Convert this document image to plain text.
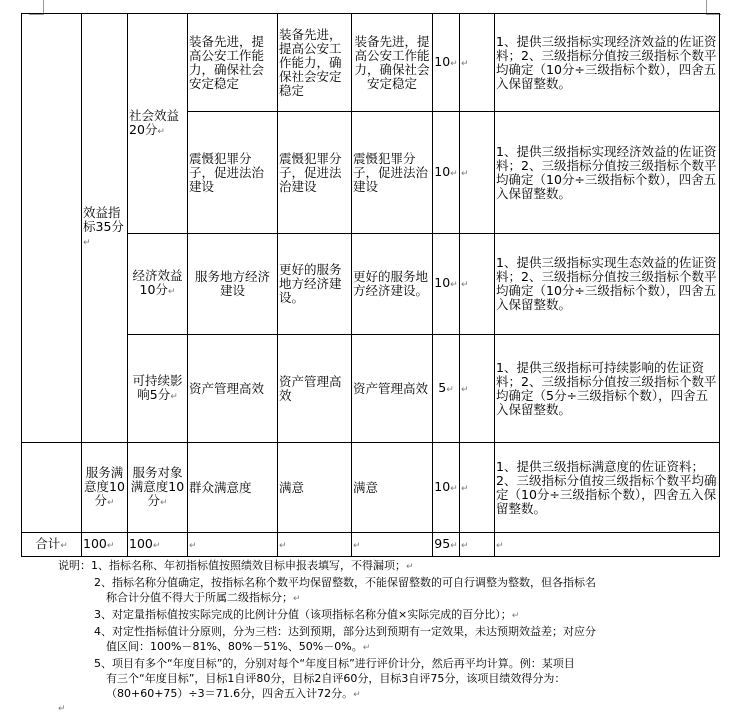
	效益指标35分↵	社会效益20分↵	装备先进，提高公安工作能力，确保社会安定稳定	装备先进，提高公安工作能力，确保社会安定稳定	装备先进，提高公安工作能力，确保社会安定稳定	10↵	↵	1、提供三级指标实现经济效益的佐证资料；2、三级指标分值按三级指标个数平均确定（10分÷三级指标个数），四舍五入保留整数。
			震慑犯罪分子，促进法治建设	震慑犯罪分子，促进法治建设	震慑犯罪分子，促进法治建设	10↵	↵	1、提供三级指标实现经济效益的佐证资料；2、三级指标分值按三级指标个数平均确定（10分÷三级指标个数），四舍五入保留整数。
		经济效益10分↵	服务地方经济建设	更好的服务地方经济建设。	更好的服务地方经济建设。	10↵	↵	1、提供三级指标实现生态效益的佐证资料；2、三级指标分值按三级指标个数平均确定（10分÷三级指标个数），四舍五入保留整数。
		可持续影响5分↵	资产管理高效	资产管理高效	资产管理高效	5↵	↵	1、提供三级指标可持续影响的佐证资料；2、三级指标分值按三级指标个数平均确定（5分÷三级指标个数），四舍五入保留整数。
	服务满意度10分↵	服务对象满意度10分↵	群众满意度	满意	满意	10↵	↵	1、提供三级指标满意度的佐证资料；2、三级指标分值按三级指标个数平均确定（10分÷三级指标个数），四舍五入保留整数。
合计↵	100↵	100↵	↵	↵	↵	95↵	↵	↵
说明：1、指标名称、年初指标值按照绩效目标申报表填写，不得漏项；↵
2、指标名称分值确定，按指标名称个数平均保留整数，不能保留整数的可自行调整为整数，但各指标名
称合计分值不得大于所属二级指标分；↵
3、对定量指标值按实际完成的比例计分值（该项指标名称分值×实际完成的百分比）；↵
4、对定性指标值计分原则，分为三档：达到预期，部分达到预期有一定效果，未达预期效益差；对应分
值区间：100%－81%、80%－51%、50%－0%。↵
5、项目有多个“年度目标”的，分别对每个“年度目标”进行评价计分，然后再平均计算。例：某项目
有三个“年度目标”，目标1自评80分，目标2自评60分，目标3自评75分，该项目绩效得分为：
（80+60+75）÷3＝71.6分，四舍五入计72分。↵
↵
